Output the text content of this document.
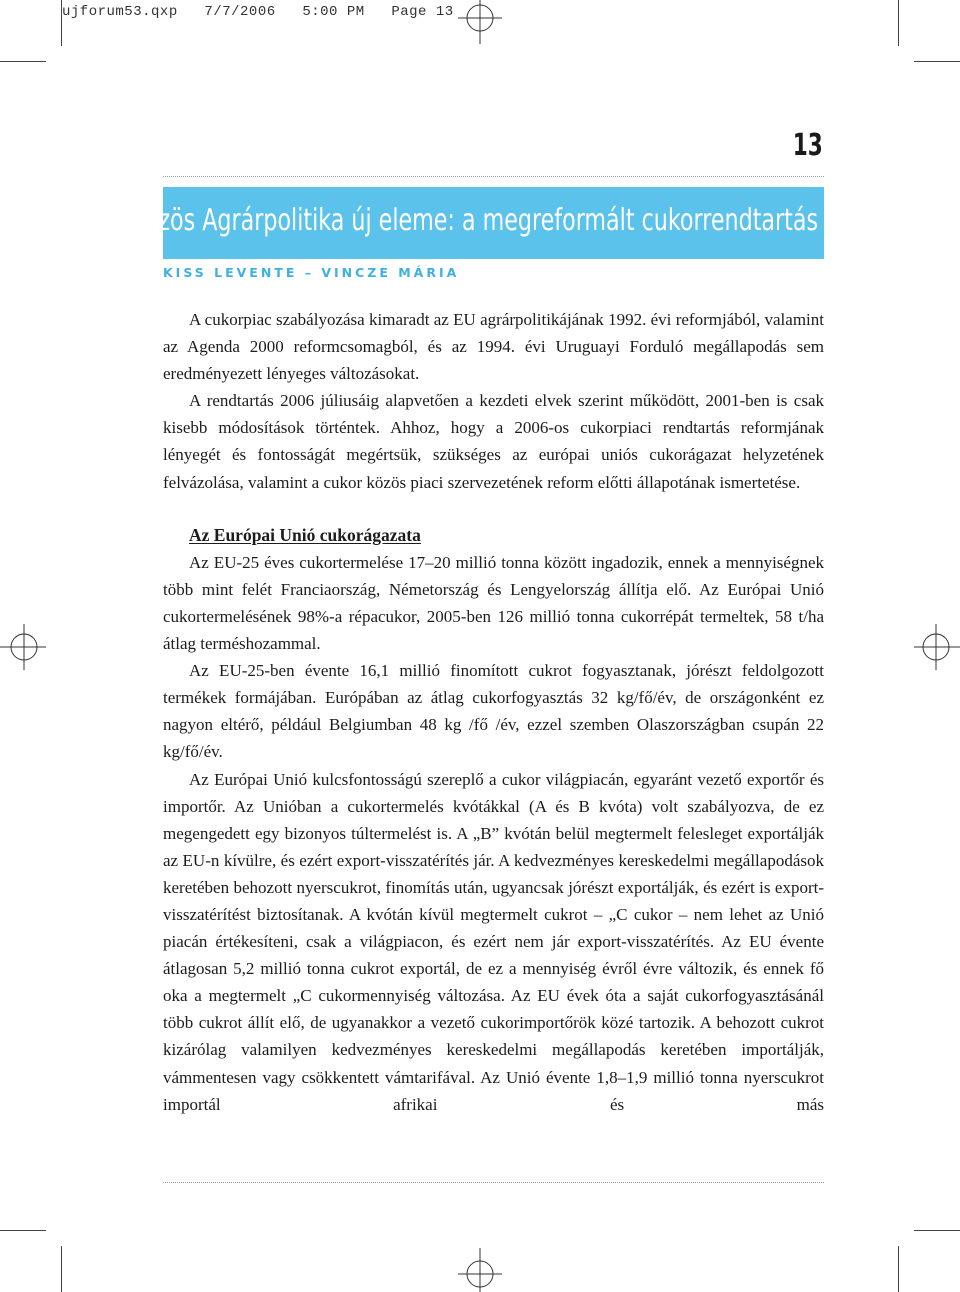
ujforum53.qxp   7/7/2006   5:00 PM   Page 13
13
A Közös Agrárpolitika új eleme: a megreformált cukorrendtartás
KISS LEVENTE – VINCZE MÁRIA

A cukorpiac szabályozása kimaradt az EU agrárpolitikájának 1992. évi reformjából, valamint az Agenda 2000 reformcsomagból, és az 1994. évi Uruguayi Forduló megállapodás sem eredményezett lényeges változásokat.

A rendtartás 2006 júliusáig alapvetően a kezdeti elvek szerint működött, 2001-ben is csak kisebb módosítások történtek. Ahhoz, hogy a 2006-os cukorpiaci rendtartás reformjának lényegét és fontosságát megértsük, szükséges az európai uniós cukorágazat helyzetének felvázolása, valamint a cukor közös piaci szervezetének reform előtti állapotának ismertetése.

Az Európai Unió cukorágazata

Az EU-25 éves cukortermelése 17–20 millió tonna között ingadozik, ennek a mennyiségnek több mint felét Franciaország, Németország és Lengyelország állítja elő. Az Európai Unió cukortermelésének 98%-a répacukor, 2005-ben 126 millió tonna cukorrépát termeltek, 58 t/ha átlag terméshozammal.

Az EU-25-ben évente 16,1 millió finomított cukrot fogyasztanak, jórészt feldolgozott termékek formájában. Európában az átlag cukorfogyasztás 32 kg/fő/év, de országonként ez nagyon eltérő, például Belgiumban 48 kg /fő /év, ezzel szemben Olaszországban csupán 22 kg/fő/év.

Az Európai Unió kulcsfontosságú szereplő a cukor világpiacán, egyaránt vezető exportőr és importőr. Az Unióban a cukortermelés kvótákkal (A és B kvóta) volt szabályozva, de ez megengedett egy bizonyos túltermelést is. A „B” kvótán belül megtermelt felesleget exportálják az EU-n kívülre, és ezért export-visszatérítés jár. A kedvezményes kereskedelmi megállapodások keretében behozott nyerscukrot, finomítás után, ugyancsak jórészt exportálják, és ezért is export-visszatérítést biztosítanak. A kvótán kívül megtermelt cukrot – „C cukor – nem lehet az Unió piacán értékesíteni, csak a világpiacon, és ezért nem jár export-visszatérítés. Az EU évente átlagosan 5,2 millió tonna cukrot exportál, de ez a mennyiség évről évre változik, és ennek fő oka a megtermelt „C cukormennyiség változása. Az EU évek óta a saját cukorfogyasztásánál több cukrot állít elő, de ugyanakkor a vezető cukorimportőrök közé tartozik. A behozott cukrot kizárólag valamilyen kedvezményes kereskedelmi megállapodás keretében importálják, vámmentesen vagy csökkentett vámtarifával. Az Unió évente 1,8–1,9 millió tonna nyerscukrot importál afrikai és más
